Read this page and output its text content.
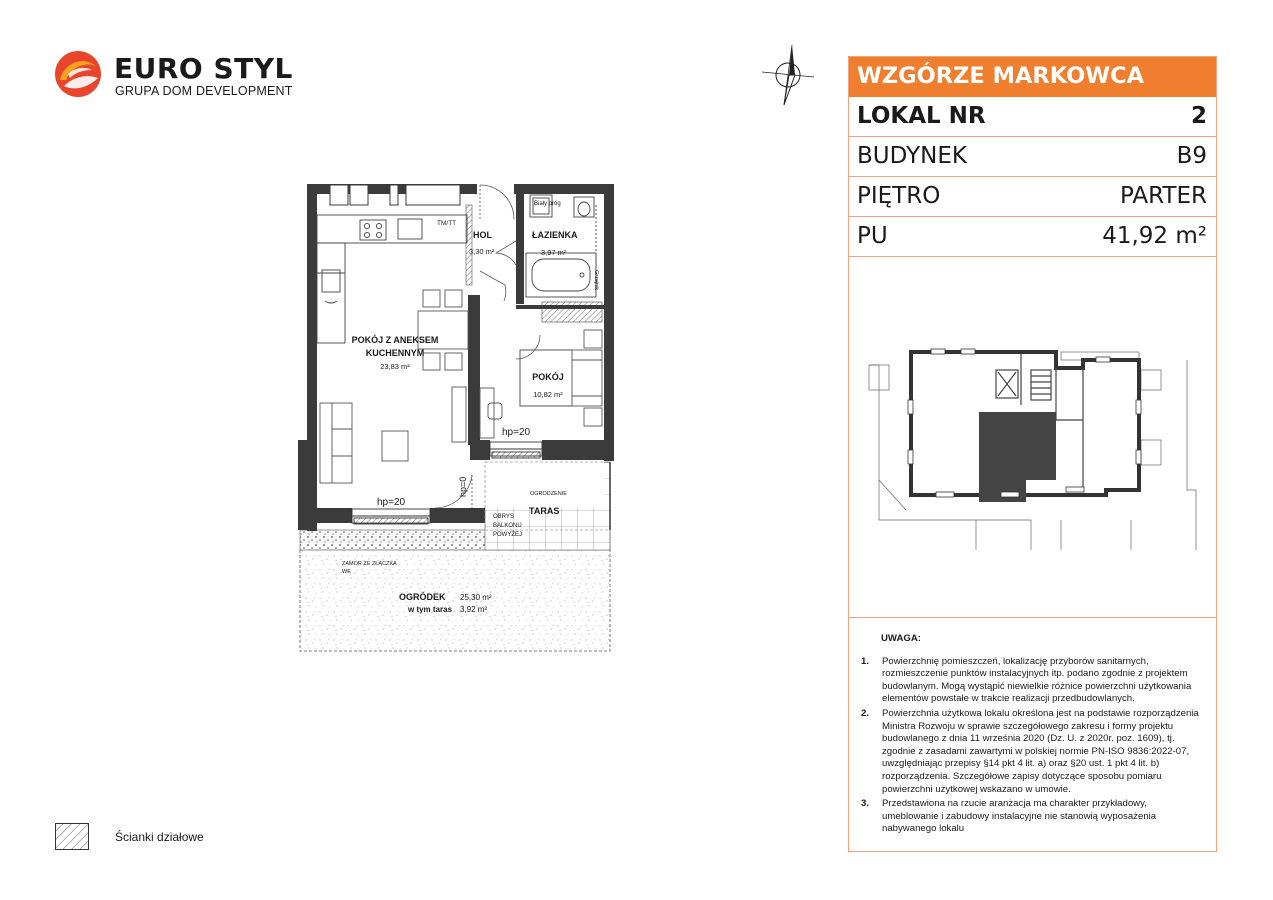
EURO STYL
GRUPA DOM DEVELOPMENT
TM/TT
Biały próg
Grzejnik
HOL
3,30 m²
ŁAZIENKA
3,97 m²
POKÓJ Z ANEKSEM
KUCHENNYM
23,83 m²
POKÓJ
10,82 m²
TARAS
OBRYS
BALKONU
POWYŻEJ
OGRODZENIE
OGRÓDEK 25,30 m²
w tym taras 3,92 m²
ZAMOR ZE ZŁĄCZKA
WE
hp=20
hp=20
hp=0
WZGÓRZE MARKOWCA
LOKAL NR	2
BUDYNEK	B9
PIĘTRO	PARTER
PU	41,92 m²
UWAGA:
1. Powierzchnię pomieszczeń, lokalizację przyborów sanitarnych, rozmieszczenie punktów instalacyjnych itp. podano zgodnie z projektem budowlanym. Mogą wystąpić niewielkie różnice powierzchni użytkowania elementów powstałe w trakcie realizacji przedbudowlanych.
2. Powierzchnia użytkowa lokalu określona jest na podstawie rozporządzenia Ministra Rozwoju w sprawie szczegółowego zakresu i formy projektu budowlanego z dnia 11 września 2020 (Dz. U. z 2020r. poz. 1609), tj. zgodnie z zasadami zawartymi w polskiej normie PN-ISO 9836:2022-07, uwzględniając przepisy §14 pkt 4 lit. a) oraz §20 ust. 1 pkt 4 lit. b) rozporządzenia. Szczegółowe zapisy dotyczące sposobu pomiaru powierzchni użytkowej wskazano w umowie.
3. Przedstawiona na rzucie aranżacja ma charakter przykładowy, umeblowanie i zabudowy instalacyjne nie stanowią wyposażenia nabywanego lokalu
Ścianki działowe
